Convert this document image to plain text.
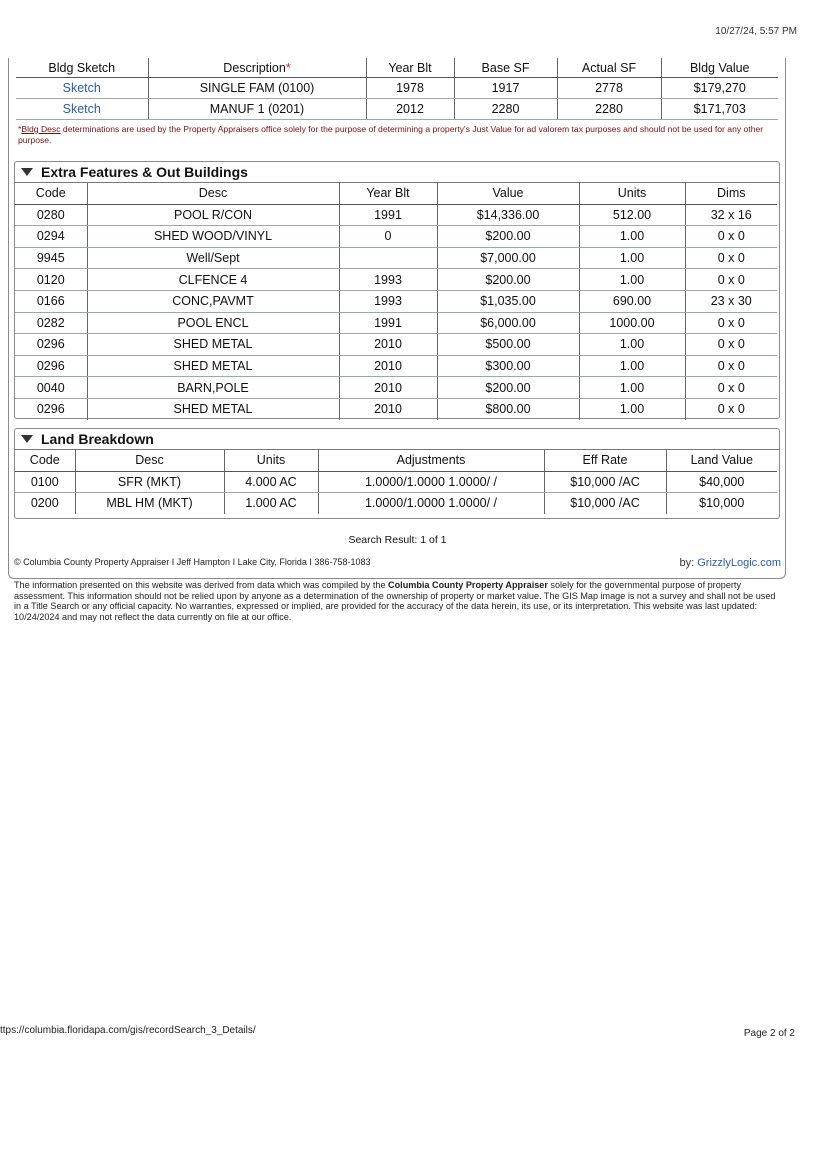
10/27/24, 5:57 PM
Bldg Sketch	Description*	Year Blt	Base SF	Actual SF	Bldg Value
Sketch	SINGLE FAM (0100)	1978	1917	2778	$179,270
Sketch	MANUF 1 (0201)	2012	2280	2280	$171,703
*Bldg Desc determinations are used by the Property Appraisers office solely for the purpose of determining a property's Just Value for ad valorem tax purposes and should not be used for any other purpose.
Extra Features & Out Buildings
Code	Desc	Year Blt	Value	Units	Dims
0280	POOL R/CON	1991	$14,336.00	512.00	32 x 16
0294	SHED WOOD/VINYL	0	$200.00	1.00	0 x 0
9945	Well/Sept		$7,000.00	1.00	0 x 0
0120	CLFENCE 4	1993	$200.00	1.00	0 x 0
0166	CONC,PAVMT	1993	$1,035.00	690.00	23 x 30
0282	POOL ENCL	1991	$6,000.00	1000.00	0 x 0
0296	SHED METAL	2010	$500.00	1.00	0 x 0
0296	SHED METAL	2010	$300.00	1.00	0 x 0
0040	BARN,POLE	2010	$200.00	1.00	0 x 0
0296	SHED METAL	2010	$800.00	1.00	0 x 0
Land Breakdown
Code	Desc	Units	Adjustments	Eff Rate	Land Value
0100	SFR (MKT)	4.000 AC	1.0000/1.0000 1.0000/ /	$10,000 /AC	$40,000
0200	MBL HM (MKT)	1.000 AC	1.0000/1.0000 1.0000/ /	$10,000 /AC	$10,000
Search Result: 1 of 1
© Columbia County Property Appraiser I Jeff Hampton I Lake City, Florida I 386-758-1083	by: GrizzlyLogic.com
The information presented on this website was derived from data which was compiled by the Columbia County Property Appraiser solely for the governmental purpose of property assessment. This information should not be relied upon by anyone as a determination of the ownership of property or market value. The GIS Map image is not a survey and shall not be used in a Title Search or any official capacity. No warranties, expressed or implied, are provided for the accuracy of the data herein, its use, or its interpretation. This website was last updated: 10/24/2024 and may not reflect the data currently on file at our office.
ttps://columbia.floridapa.com/gis/recordSearch_3_Details/	Page 2 of 2
